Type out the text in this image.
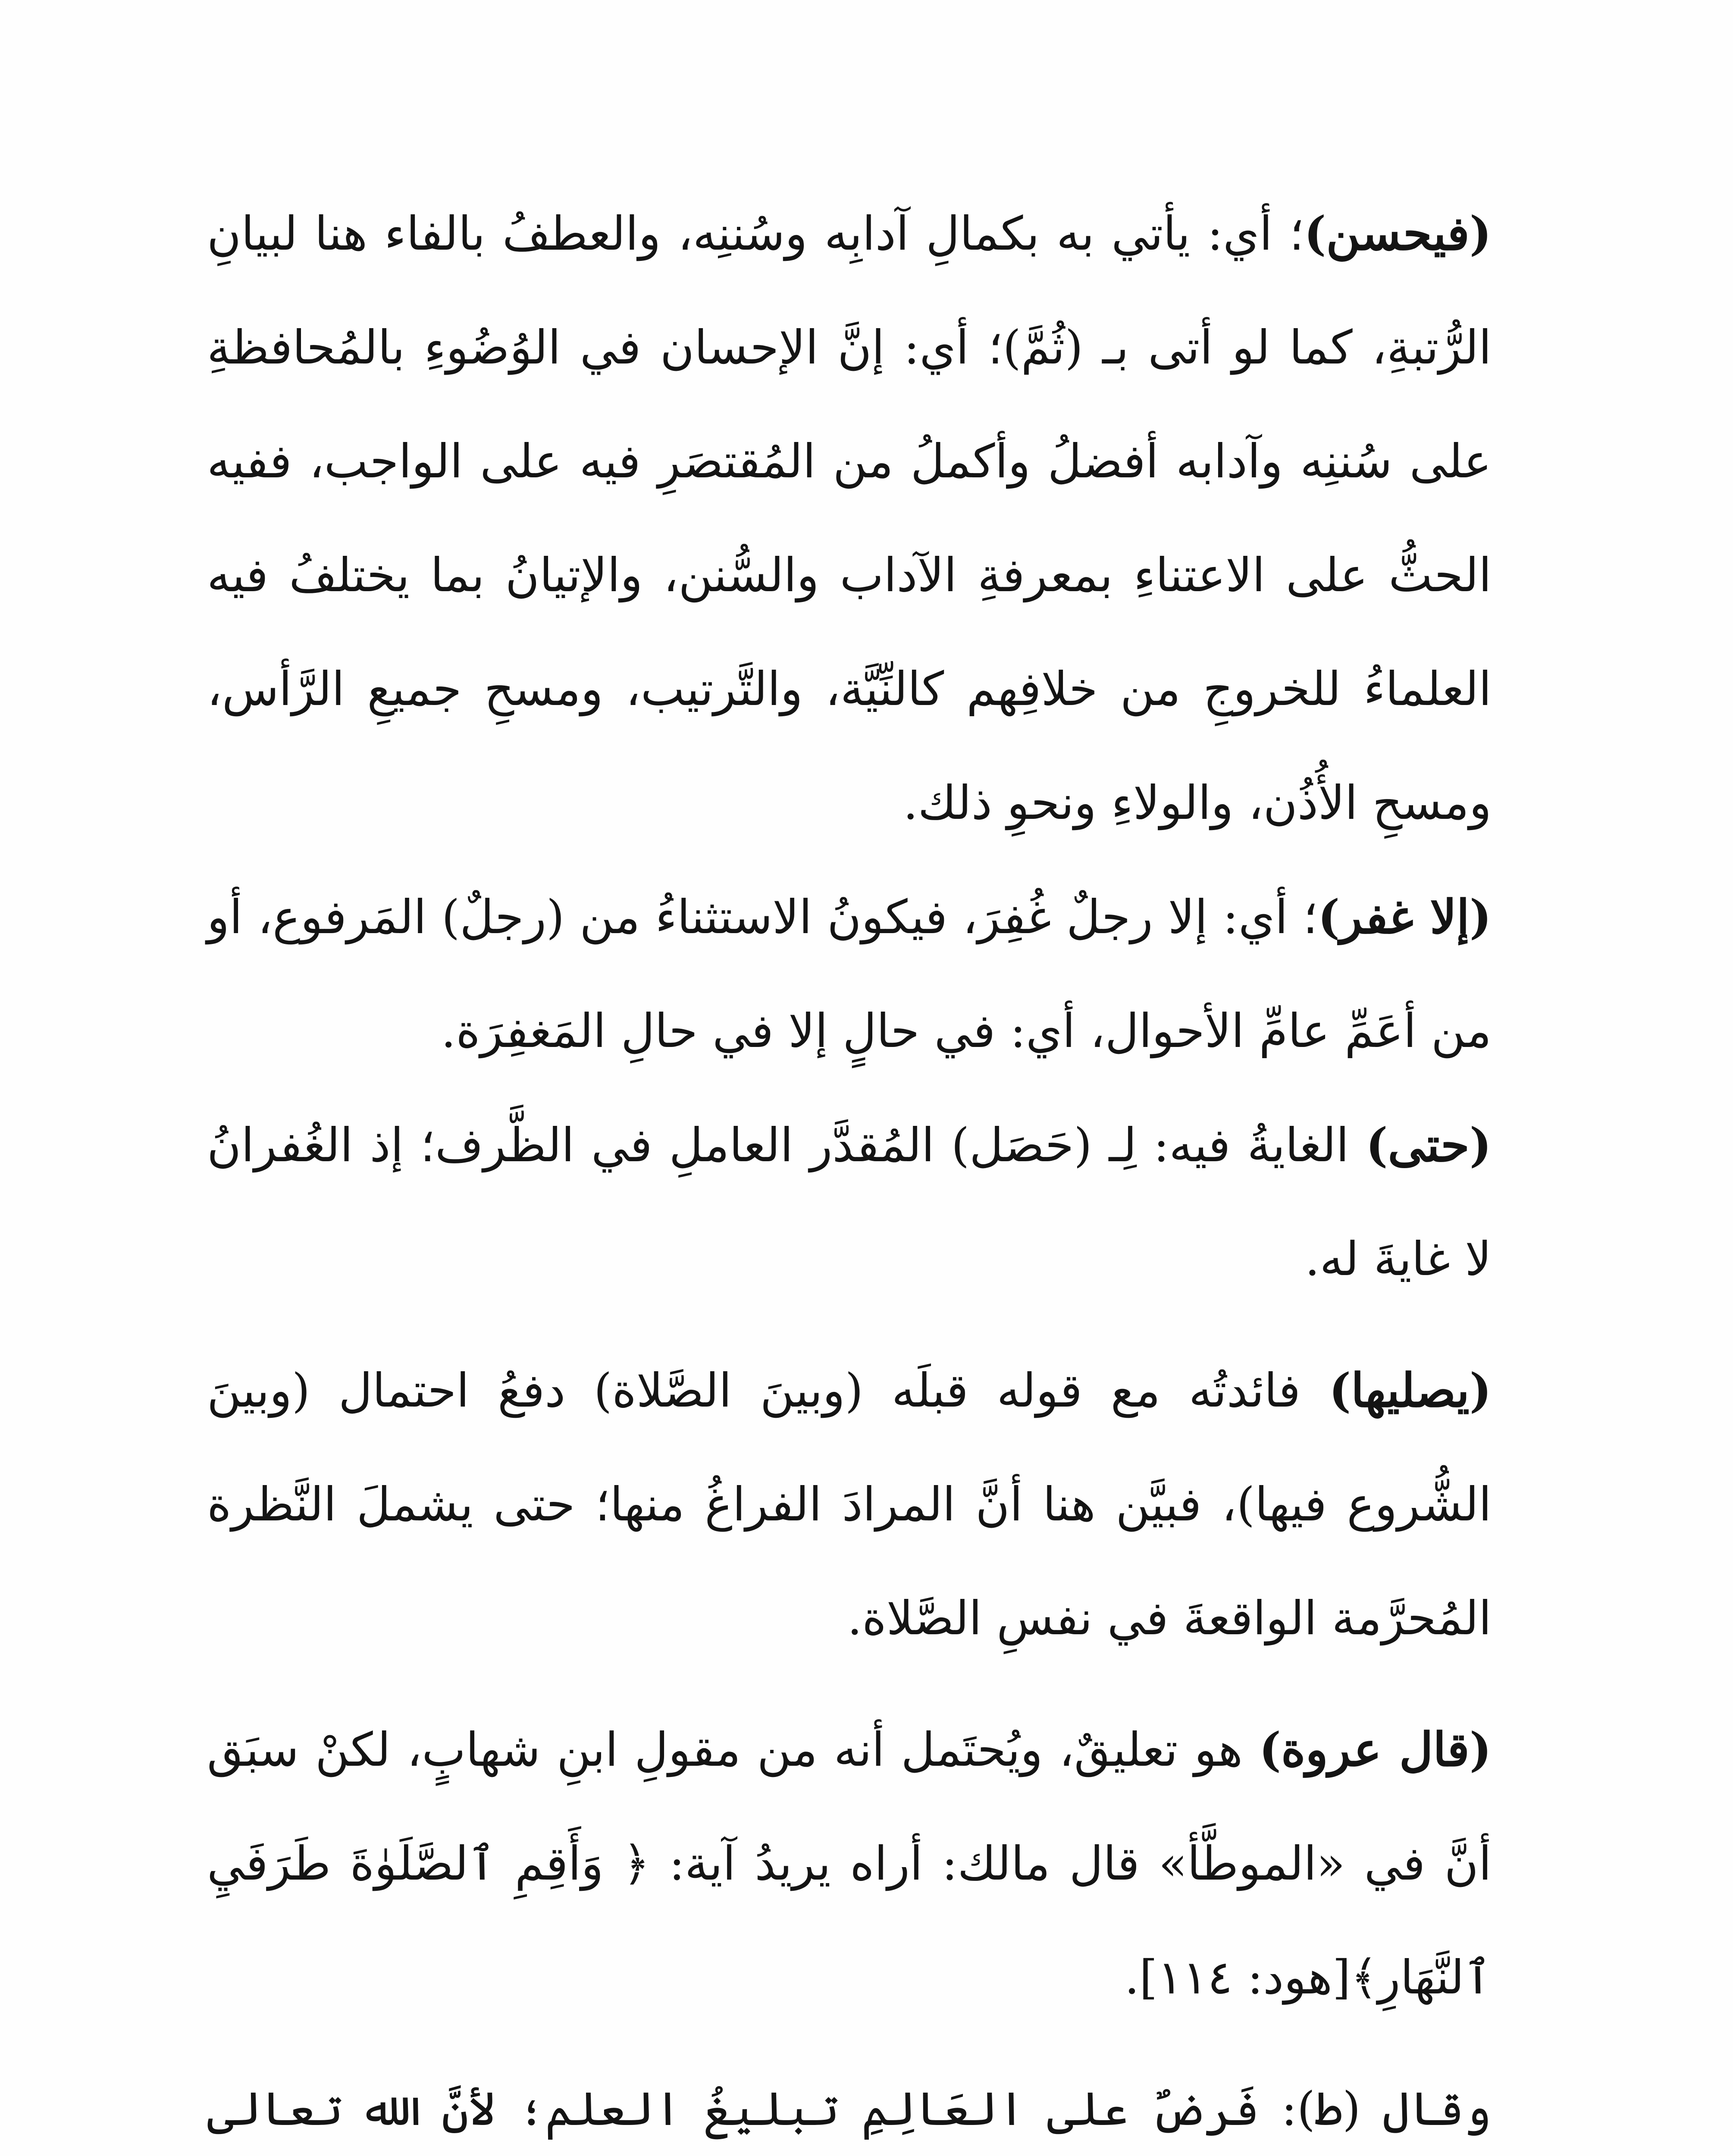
(فيحسن)؛ أي: يأتي به بكمالِ آدابِه وسُننِه، والعطفُ بالفاء هنا لبيانِ الرُّتبةِ، كما لو أتى بـ (ثُمَّ)؛ أي: إنَّ الإحسان في الوُضُوءِ بالمُحافظةِ على سُننِه وآدابه أفضلُ وأكملُ من المُقتصَرِ فيه على الواجب، ففيه الحثُّ على الاعتناءِ بمعرفةِ الآداب والسُّنن، والإتيانُ بما يختلفُ فيه العلماءُ للخروجِ من خلافِهم كالنِّيَّة، والتَّرتيب، ومسحِ جميعِ الرَّأس، ومسحِ الأُذُن، والولاءِ ونحوِ ذلك.

(إلا غفر)؛ أي: إلا رجلٌ غُفِرَ، فيكونُ الاستثناءُ من (رجلٌ) المَرفوع، أو من أعَمِّ عامِّ الأحوال، أي: في حالٍ إلا في حالِ المَغفِرَة.

(حتى) الغايةُ فيه: لِـ (حَصَل) المُقدَّر العاملِ في الظَّرف؛ إذ الغُفرانُ لا غايةَ له.

(يصليها) فائدتُه مع قوله قبلَه (وبينَ الصَّلاة) دفعُ احتمال (وبينَ الشُّروع فيها)، فبيَّن هنا أنَّ المرادَ الفراغُ منها؛ حتى يشملَ النَّظرة المُحرَّمة الواقعةَ في نفسِ الصَّلاة.

(قال عروة) هو تعليقٌ، ويُحتَمل أنه من مقولِ ابنِ شهابٍ، لكنْ سبَق أنَّ في «الموطَّأ» قال مالك: أراه يريدُ آية: ﴿ وَأَقِمِ ٱلصَّلَوٰةَ طَرَفَيِ ٱلنَّهَارِ﴾[هود: ١١٤].

وقال (ط): فَرضٌ على العَالِمِ تبليغُ العلم؛ لأنَّ الله تعالى
